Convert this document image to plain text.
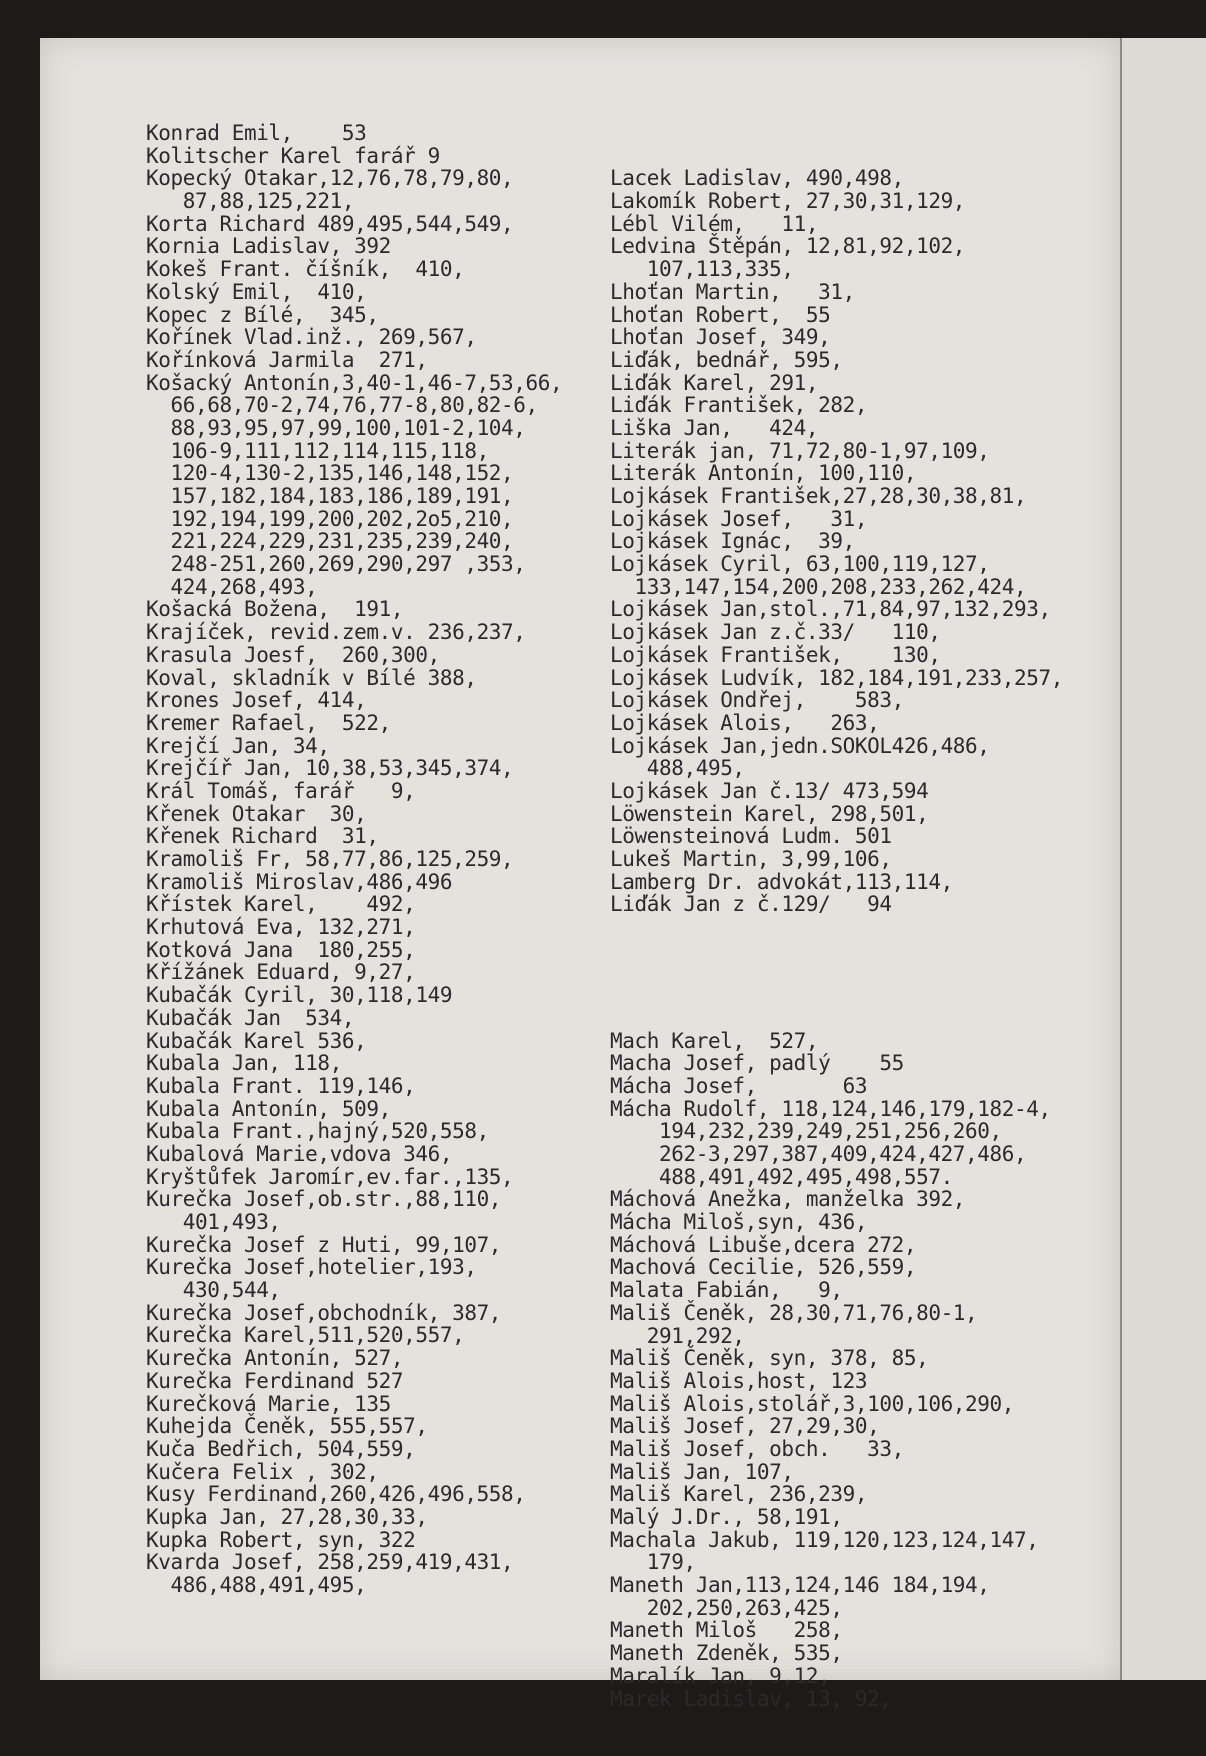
Konrad Emil,    53
Kolitscher Karel farář 9
Kopecký Otakar,12,76,78,79,80,
87,88,125,221,
Korta Richard 489,495,544,549,
Kornia Ladislav, 392
Kokeš Frant. číšník,  410,
Kolský Emil,  410,
Kopec z Bílé,  345,
Kořínek Vlad.inž., 269,567,
Kořínková Jarmila  271,
Košacký Antonín,3,40-1,46-7,53,66,
66,68,70-2,74,76,77-8,80,82-6,
88,93,95,97,99,100,101-2,104,
106-9,111,112,114,115,118,
120-4,130-2,135,146,148,152,
157,182,184,183,186,189,191,
192,194,199,200,202,2o5,210,
221,224,229,231,235,239,240,
248-251,260,269,290,297 ,353,
424,268,493,
Košacká Božena,  191,
Krajíček, revid.zem.v. 236,237,
Krasula Joesf,  260,300,
Koval, skladník v Bílé 388,
Krones Josef, 414,
Kremer Rafael,  522,
Krejčí Jan, 34,
Krejčíř Jan, 10,38,53,345,374,
Král Tomáš, farář   9,
Křenek Otakar  30,
Křenek Richard  31,
Kramoliš Fr, 58,77,86,125,259,
Kramoliš Miroslav,486,496
Křístek Karel,    492,
Krhutová Eva, 132,271,
Kotková Jana  180,255,
Křížánek Eduard, 9,27,
Kubačák Cyril, 30,118,149
Kubačák Jan  534,
Kubačák Karel 536,
Kubala Jan, 118,
Kubala Frant. 119,146,
Kubala Antonín, 509,
Kubala Frant.,hajný,520,558,
Kubalová Marie,vdova 346,
Kryštůfek Jaromír,ev.far.,135,
Kurečka Josef,ob.str.,88,110,
401,493,
Kurečka Josef z Huti, 99,107,
Kurečka Josef,hotelier,193,
430,544,
Kurečka Josef,obchodník, 387,
Kurečka Karel,511,520,557,
Kurečka Antonín, 527,
Kurečka Ferdinand 527
Kurečková Marie, 135
Kuhejda Čeněk, 555,557,
Kuča Bedřich, 504,559,
Kučera Felix , 302,
Kusy Ferdinand,260,426,496,558,
Kupka Jan, 27,28,30,33,
Kupka Robert, syn, 322
Kvarda Josef, 258,259,419,431,
486,488,491,495,

Lacek Ladislav, 490,498,
Lakomík Robert, 27,30,31,129,
Lébl Vilém,   11,
Ledvina Štěpán, 12,81,92,102,
107,113,335,
Lhoťan Martin,   31,
Lhoťan Robert,  55
Lhoťan Josef, 349,
Liďák, bednář, 595,
Liďák Karel, 291,
Liďák František, 282,
Liška Jan,   424,
Literák jan, 71,72,80-1,97,109,
Literák Antonín, 100,110,
Lojkásek František,27,28,30,38,81,
Lojkásek Josef,   31,
Lojkásek Ignác,  39,
Lojkásek Cyril, 63,100,119,127,
133,147,154,200,208,233,262,424,
Lojkásek Jan,stol.,71,84,97,132,293,
Lojkásek Jan z.č.33/   110,
Lojkásek František,    130,
Lojkásek Ludvík, 182,184,191,233,257,
Lojkásek Ondřej,    583,
Lojkásek Alois,   263,
Lojkásek Jan,jedn.SOKOL426,486,
488,495,
Lojkásek Jan č.13/ 473,594
Löwenstein Karel, 298,501,
Löwensteinová Ludm. 501
Lukeš Martin, 3,99,106,
Lamberg Dr. advokát,113,114,
Liďák Jan z č.129/   94

Mach Karel,  527,
Macha Josef, padlý    55
Mácha Josef,       63
Mácha Rudolf, 118,124,146,179,182-4,
194,232,239,249,251,256,260,
262-3,297,387,409,424,427,486,
488,491,492,495,498,557.
Máchová Anežka, manželka 392,
Mácha Miloš,syn, 436,
Máchová Libuše,dcera 272,
Machová Cecilie, 526,559,
Malata Fabián,   9,
Mališ Čeněk, 28,30,71,76,80-1,
291,292,
Mališ Čeněk, syn, 378, 85,
Mališ Alois,host, 123
Mališ Alois,stolář,3,100,106,290,
Mališ Josef, 27,29,30,
Mališ Josef, obch.   33,
Mališ Jan, 107,
Mališ Karel, 236,239,
Malý J.Dr., 58,191,
Machala Jakub, 119,120,123,124,147,
179,
Maneth Jan,113,124,146 184,194,
202,250,263,425,
Maneth Miloš   258,
Maneth Zdeněk, 535,
Maralík Jan, 9,12,
Marek Ladislav, 13, 92,
